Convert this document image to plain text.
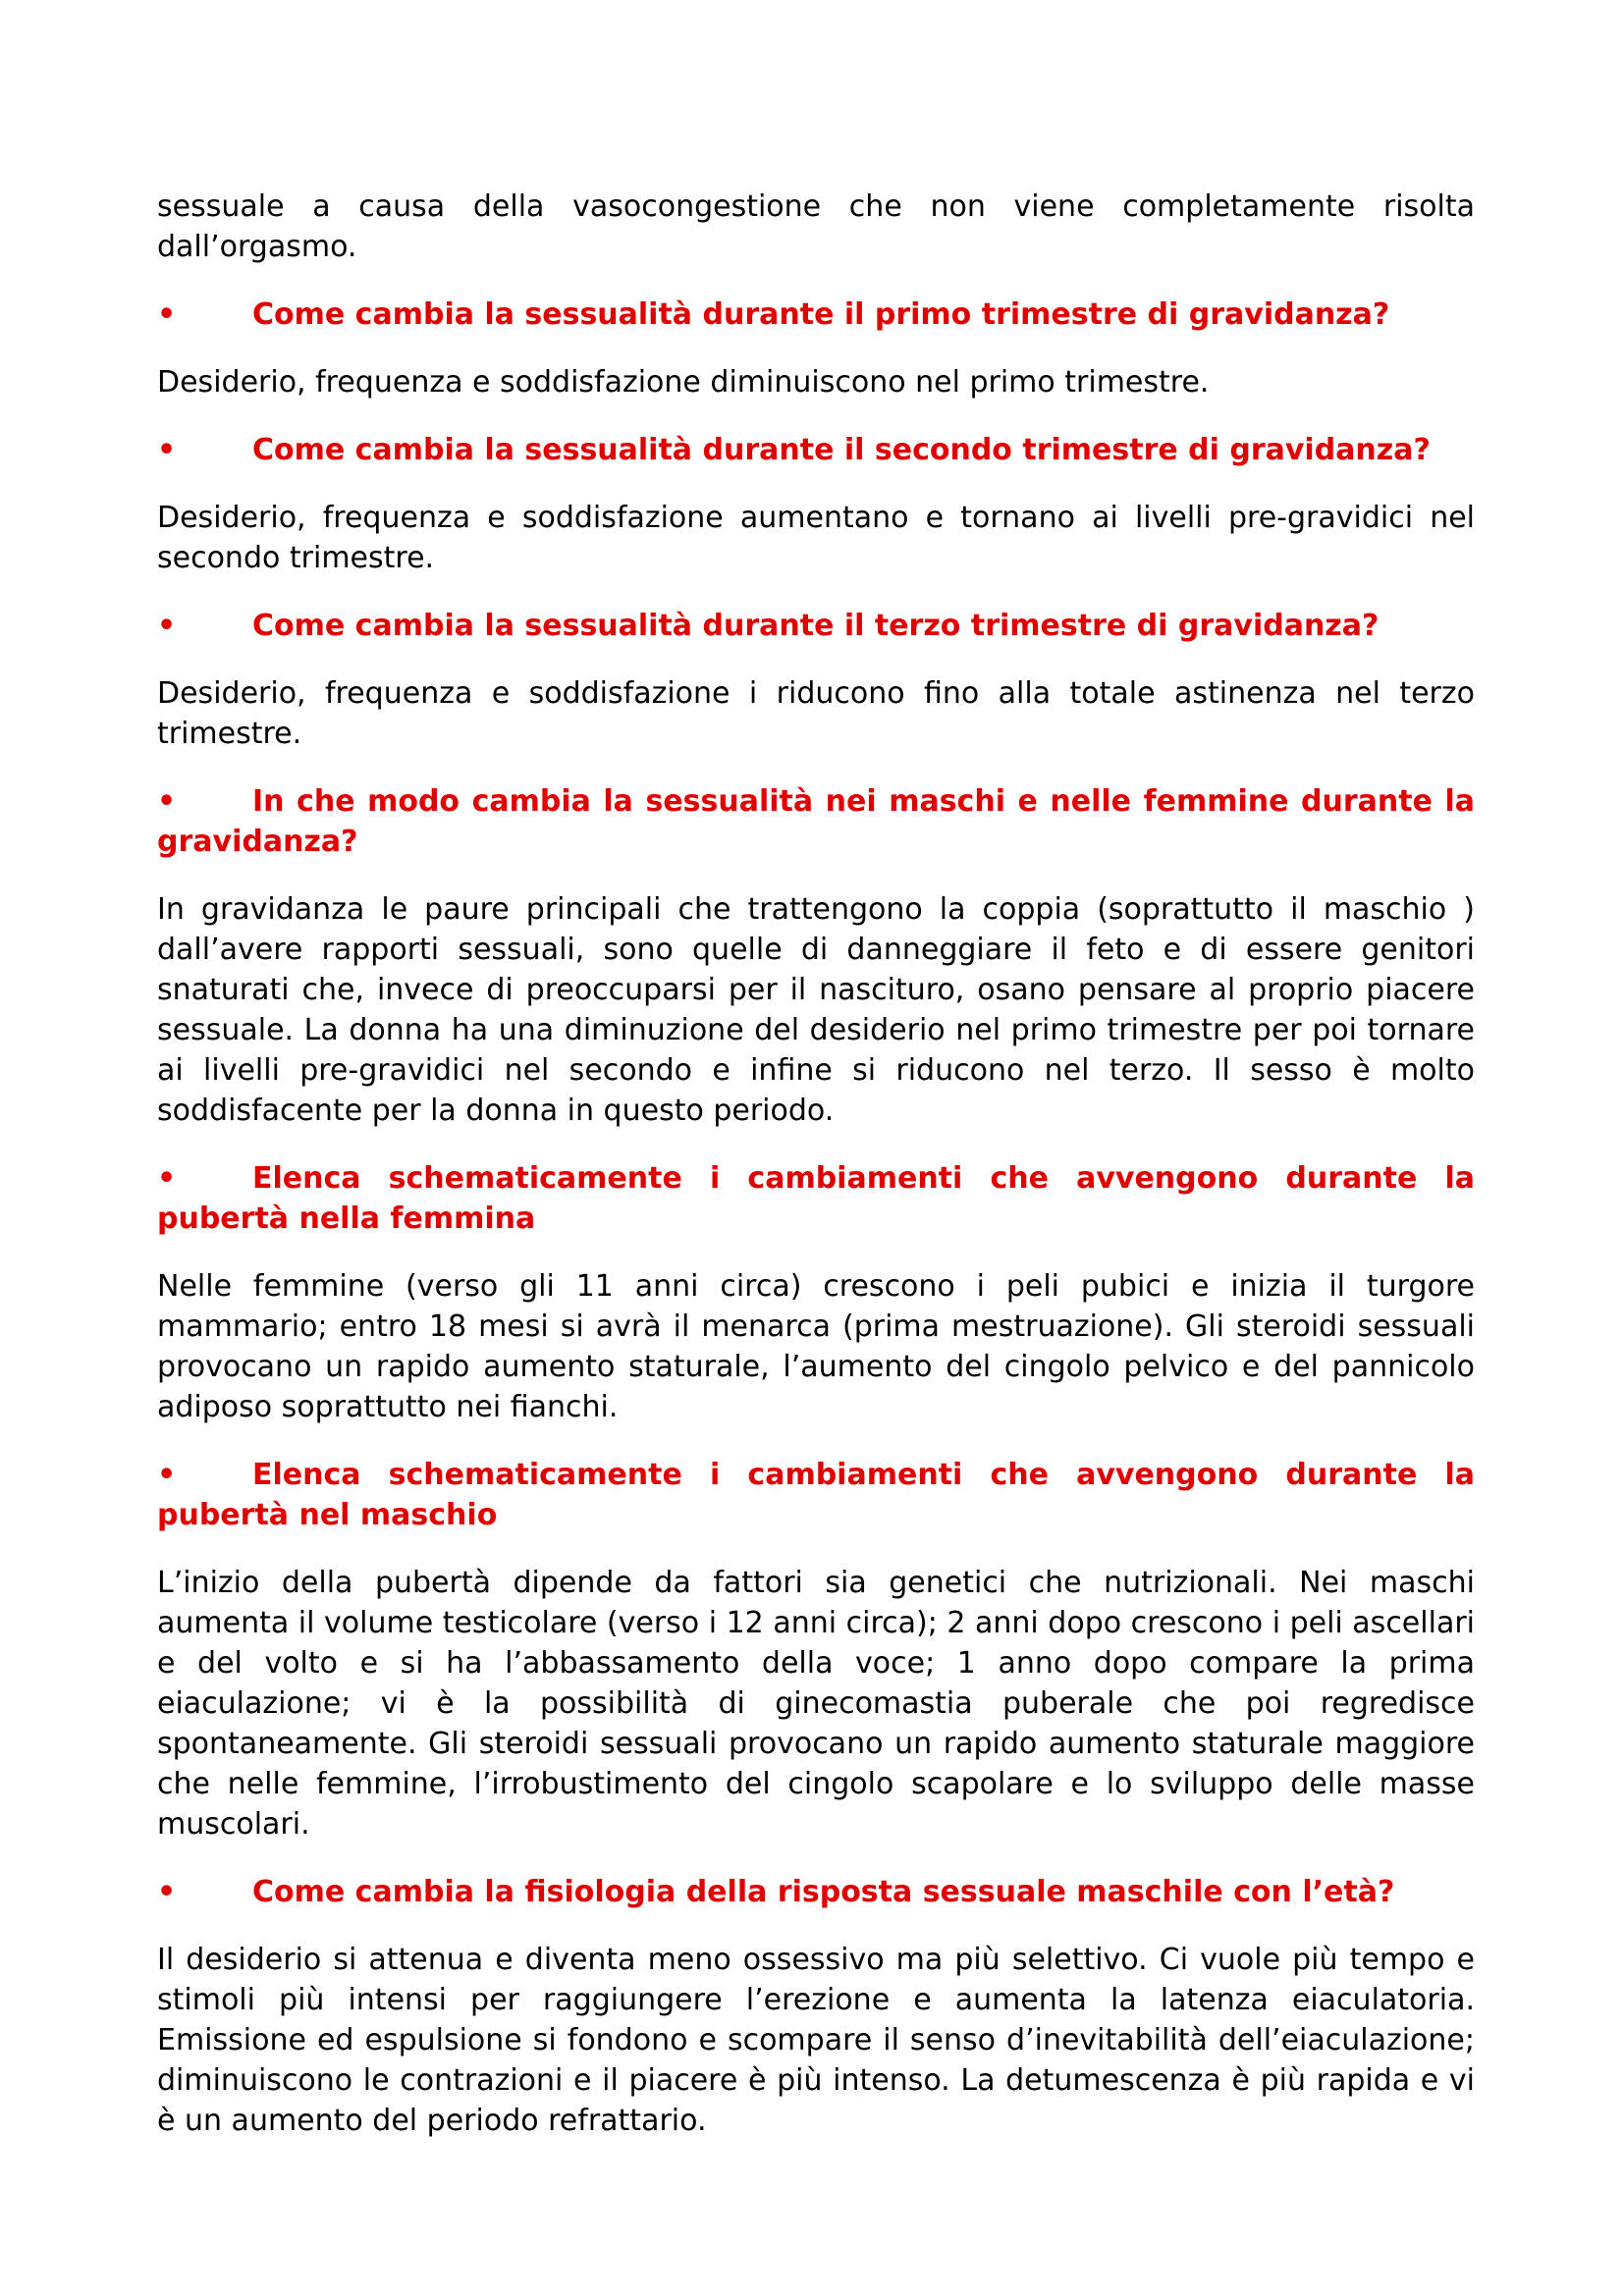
sessuale a causa della vasocongestione che non viene completamente risolta dall’orgasmo.

•	Come cambia la sessualità durante il primo trimestre di gravidanza?

Desiderio, frequenza e soddisfazione diminuiscono nel primo trimestre.

•	Come cambia la sessualità durante il secondo trimestre di gravidanza?

Desiderio, frequenza e soddisfazione aumentano e tornano ai livelli pre-gravidici nel secondo trimestre.

•	Come cambia la sessualità durante il terzo trimestre di gravidanza?

Desiderio, frequenza e soddisfazione i riducono fino alla totale astinenza nel terzo trimestre.

•	In che modo cambia la sessualità nei maschi e nelle femmine durante la gravidanza?

In gravidanza le paure principali che trattengono la coppia (soprattutto il maschio ) dall’avere rapporti sessuali, sono quelle di danneggiare il feto e di essere genitori snaturati che, invece di preoccuparsi per il nascituro, osano pensare al proprio piacere sessuale. La donna ha una diminuzione del desiderio nel primo trimestre per poi tornare ai livelli pre-gravidici nel secondo e infine si riducono nel terzo. Il sesso è molto soddisfacente per la donna in questo periodo.

•	Elenca schematicamente i cambiamenti che avvengono durante la pubertà nella femmina

Nelle femmine (verso gli 11 anni circa) crescono i peli pubici e inizia il turgore mammario; entro 18 mesi si avrà il menarca (prima mestruazione). Gli steroidi sessuali provocano un rapido aumento staturale, l’aumento del cingolo pelvico e del pannicolo adiposo soprattutto nei fianchi.

•	Elenca schematicamente i cambiamenti che avvengono durante la pubertà nel maschio

L’inizio della pubertà dipende da fattori sia genetici che nutrizionali. Nei maschi aumenta il volume testicolare (verso i 12 anni circa); 2 anni dopo crescono i peli ascellari e del volto e si ha l’abbassamento della voce; 1 anno dopo compare la prima eiaculazione; vi è la possibilità di ginecomastia puberale che poi regredisce spontaneamente. Gli steroidi sessuali provocano un rapido aumento staturale maggiore che nelle femmine, l’irrobustimento del cingolo scapolare e lo sviluppo delle masse muscolari.

•	Come cambia la fisiologia della risposta sessuale maschile con l’età?

Il desiderio si attenua e diventa meno ossessivo ma più selettivo. Ci vuole più tempo e stimoli più intensi per raggiungere l’erezione e aumenta la latenza eiaculatoria. Emissione ed espulsione si fondono e scompare il senso d’inevitabilità dell’eiaculazione; diminuiscono le contrazioni e il piacere è più intenso. La detumescenza è più rapida e vi è un aumento del periodo refrattario.
